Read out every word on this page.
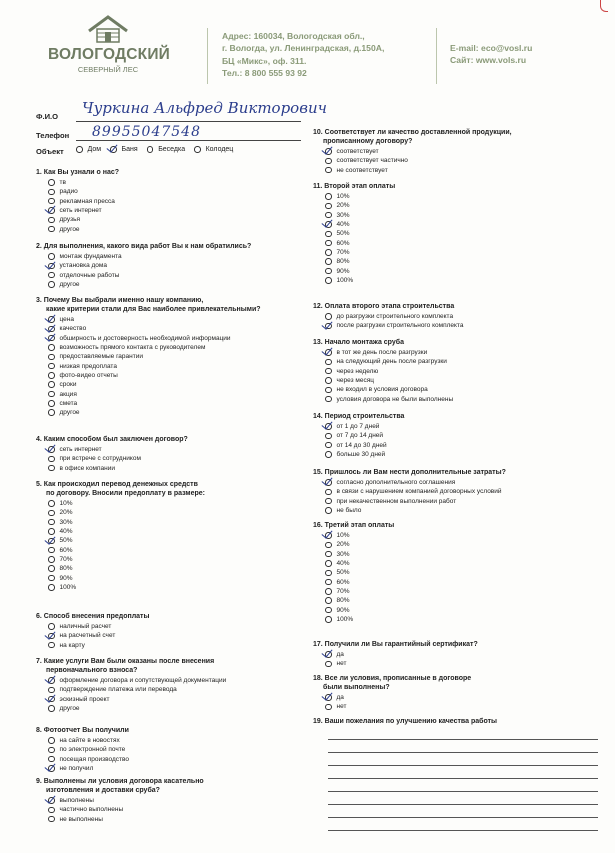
ВОЛОГОДСКИЙ
СЕВЕРНЫЙ ЛЕС
Адрес: 160034, Вологодская обл.,
г. Вологда, ул. Ленинградская, д.150А,
БЦ «Микс», оф. 311.
Тел.: 8 800 555 93 92
E-mail: eco@vosl.ru
Сайт: www.vols.ru
Ф.И.О Чуркина Альфред Викторович
Телефон 89955047548
Объект	Дом	Баня	Беседка	Колодец
1. Как Вы узнали о нас?
тв
радио
рекламная пресса
сеть интернет
друзья
другое
2. Для выполнения, какого вида работ Вы к нам обратились?
монтаж фундамента
установка дома
отделочные работы
другое
3. Почему Вы выбрали именно нашу компанию,
какие критерии стали для Вас наиболее привлекательными?
цена
качество
обширность и достоверность необходимой информации
возможность прямого контакта с руководителем
предоставляемые гарантии
низкая предоплата
фото-видео отчеты
сроки
акция
смета
другое
4. Каким способом был заключен договор?
сеть интернет
при встрече с сотрудником
в офисе компании
5. Как происходил перевод денежных средств
по договору. Вносили предоплату в размере:
10%
20%
30%
40%
50%
60%
70%
80%
90%
100%
6. Способ внесения предоплаты
наличный расчет
на расчетный счет
на карту
7. Какие услуги Вам были оказаны после внесения
первоначального взноса?
оформление договора и сопутствующей документации
подтверждение платежа или перевода
эскизный проект
другое
8. Фотоотчет Вы получили
на сайте в новостях
по электронной почте
посещая производство
не получил
9. Выполнены ли условия договора касательно
изготовления и доставки сруба?
выполнены
частично выполнены
не выполнены
10. Соответствует ли качество доставленной продукции,
прописанному договору?
соответствует
соответствует частично
не соответствует
11. Второй этап оплаты
10%
20%
30%
40%
50%
60%
70%
80%
90%
100%
12. Оплата второго этапа строительства
до разгрузки строительного комплекта
после разгрузки строительного комплекта
13. Начало монтажа сруба
в тот же день после разгрузки
на следующий день после разгрузки
через неделю
через месяц
не входил в условия договора
условия договора не были выполнены
14. Период строительства
от 1 до 7 дней
от 7 до 14 дней
от 14 до 30 дней
больше 30 дней
15. Пришлось ли Вам нести дополнительные затраты?
согласно дополнительного соглашения
в связи с нарушением компанией договорных условий
при некачественном выполнении работ
не было
16. Третий этап оплаты
10%
20%
30%
40%
50%
60%
70%
80%
90%
100%
17. Получили ли Вы гарантийный сертификат?
да
нет
18. Все ли условия, прописанные в договоре
были выполнены?
да
нет
19. Ваши пожелания по улучшению качества работы
